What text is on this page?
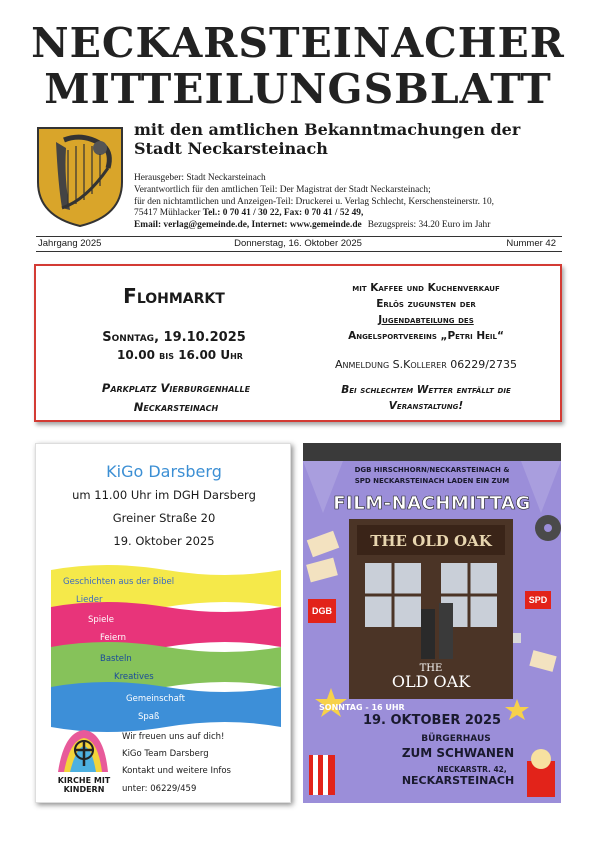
NECKARSTEINACHER
MITTEILUNGSBLATT
mit den amtlichen Bekanntmachungen der
Stadt Neckarsteinach
Herausgeber: Stadt Neckarsteinach
Verantwortlich für den amtlichen Teil: Der Magistrat der Stadt Neckarsteinach;
für den nichtamtlichen und Anzeigen-Teil: Druckerei u. Verlag Schlecht, Kerschensteinerstr. 10,
75417 Mühlacker Tel.: 0 70 41 / 30 22, Fax: 0 70 41 / 52 49,
Email: verlag@gemeinde.de, Internet: www.gemeinde.de Bezugspreis: 34.20 Euro im Jahr
Jahrgang 2025	Donnerstag, 16. Oktober 2025	Nummer 42
Flohmarkt
Sonntag, 19.10.2025
10.00 bis 16.00 Uhr
Parkplatz Vierburgenhalle
Neckarsteinach
mit Kaffee und Kuchenverkauf
Erlös zugunsten der
Jugendabteilung des
Angelsportvereins „Petri Heil“
Anmeldung S.Kollerer 06229/2735
Bei schlechtem Wetter entfällt die
Veranstaltung!
KiGo Darsberg
um 11.00 Uhr im DGH Darsberg
Greiner Straße 20
19. Oktober 2025
Geschichten aus der Bibel
Lieder
Spiele
Feiern
Basteln
Kreatives
Gemeinschaft
Spaß
KIRCHE MIT
KINDERN
Wir freuen uns auf dich!
KiGo Team Darsberg
Kontakt und weitere Infos
unter: 06229/459
DGB HIRSCHHORN/NECKARSTEINACH &
SPD NECKARSTEINACH LADEN EIN ZUM
FILM-NACHMITTAG
THE OLD OAK
THE
OLD OAK
DGB
SPD
SONNTAG - 16 UHR
19. OKTOBER 2025
BÜRGERHAUS
ZUM SCHWANEN
NECKARSTR. 42,
NECKARSTEINACH
